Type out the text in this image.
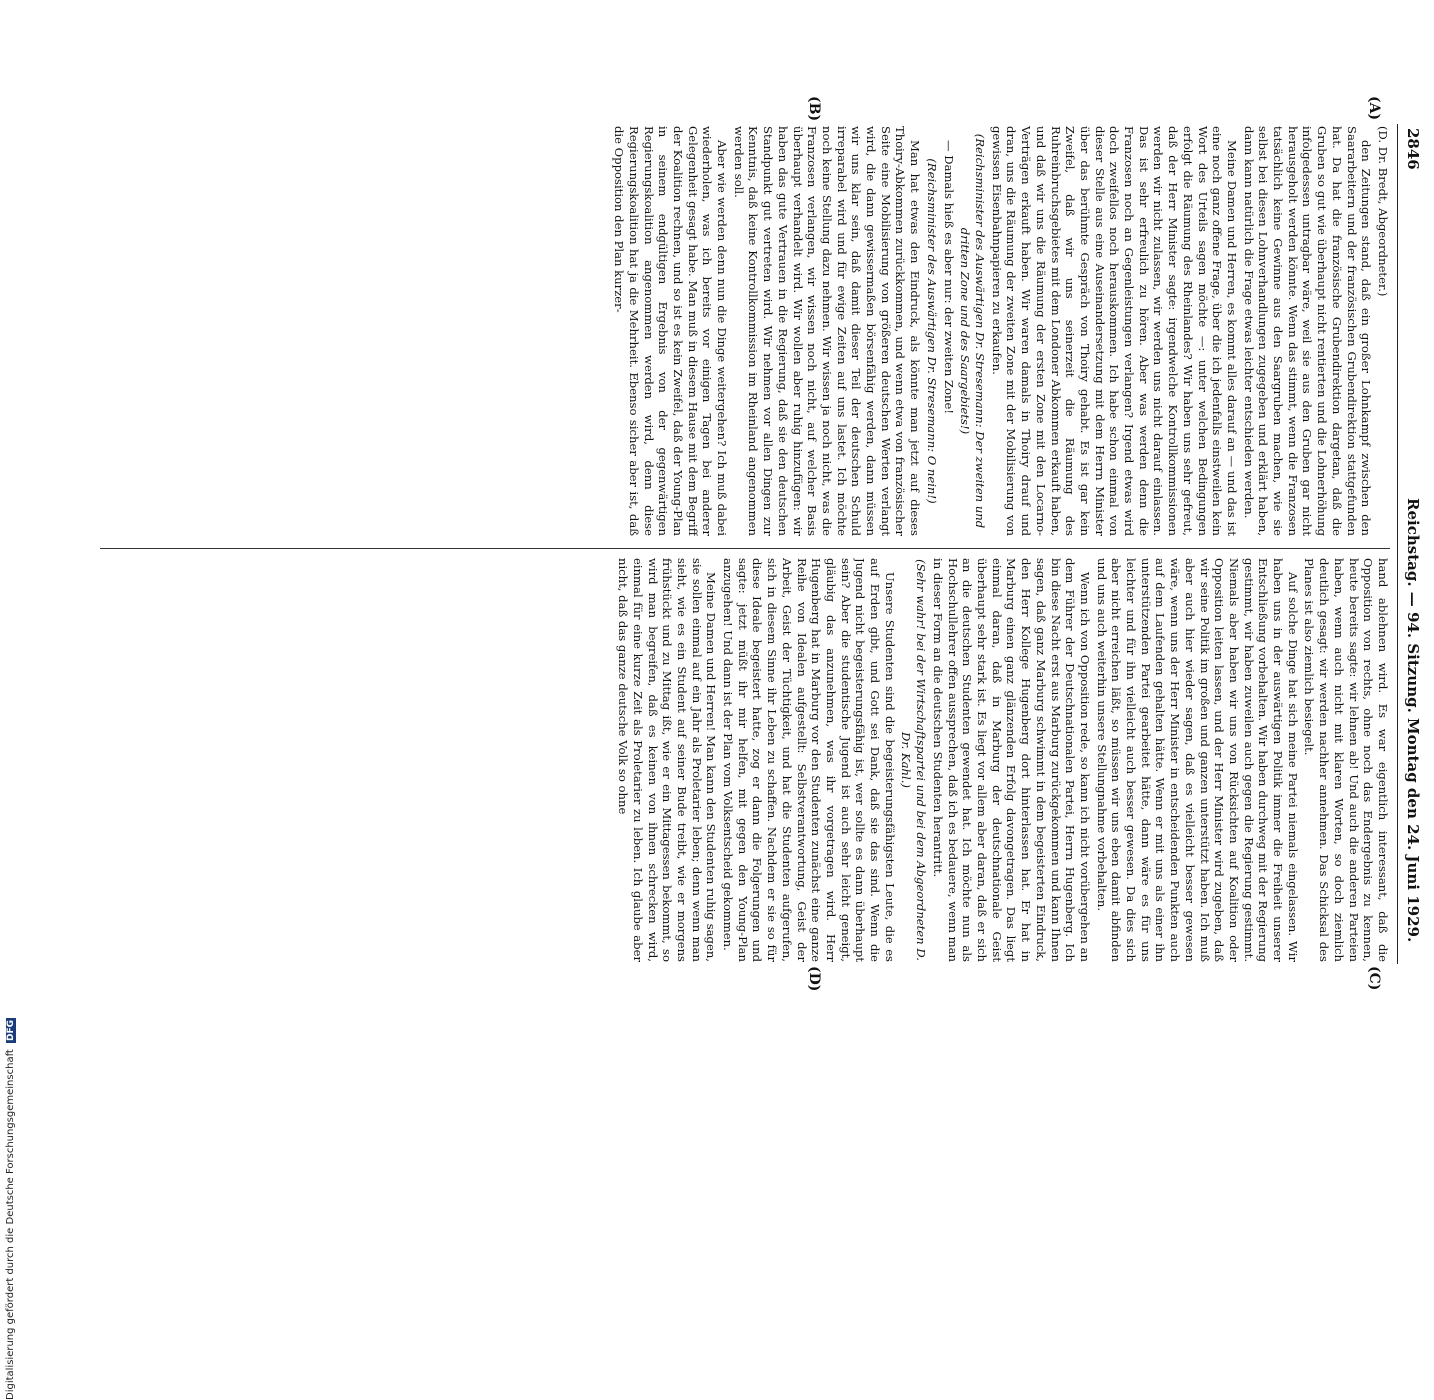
2846
Reichstag. — 94. Sitzung. Montag den 24. Juni 1929.
(A)
(B)
(C)
(D)

(D. Dr. Bredt, Abgeordneter.)

den Zeitungen stand, daß ein großer Lohnkampf zwischen den Saararbeitern und der französischen Grubendirektion stattgefunden hat. Da hat die französische Grubendirektion dargetan, daß die Gruben so gut wie überhaupt nicht rentierten und die Lohnerhöhung infolgedessen untragbar wäre, weil sie aus den Gruben gar nicht herausgeholt werden könnte. Wenn das stimmt, wenn die Franzosen tatsächlich keine Gewinne aus den Saargruben machen, wie sie selbst bei diesen Lohnverhandlungen zugegeben und erklärt haben, dann kann natürlich die Frage etwas leichter entschieden werden.

Meine Damen und Herren, es kommt alles darauf an — und das ist eine noch ganz offene Frage, über die ich jedenfalls einstweilen kein Wort des Urteils sagen möchte —: unter welchen Bedingungen erfolgt die Räumung des Rheinlandes? Wir haben uns sehr gefreut, daß der Herr Minister sagte: irgendwelche Kontrollkommissionen werden wir nicht zulassen, wir werden uns nicht darauf einlassen. Das ist sehr erfreulich zu hören. Aber was werden denn die Franzosen noch an Gegenleistungen verlangen? Irgend etwas wird doch zweifellos noch herauskommen. Ich habe schon einmal von dieser Stelle aus eine Auseinandersetzung mit dem Herrn Minister über das berühmte Gespräch von Thoiry gehabt. Es ist gar kein Zweifel, daß wir uns seinerzeit die Räumung des Ruhreinbruchsgebietes mit dem Londoner Abkommen erkauft haben, und daß wir uns die Räumung der ersten Zone mit den Locarno-Verträgen erkauft haben. Wir waren damals in Thoiry drauf und dran, uns die Räumung der zweiten Zone mit der Mobilisierung von gewissen Eisenbahnpapieren zu erkaufen.

(Reichsminister des Auswärtigen Dr. Stresemann: Der zweiten und dritten Zone und des Saargebiets!)

— Damals hieß es aber nur: der zweiten Zone!

(Reichsminister des Auswärtigen Dr. Stresemann: O nein!)

Man hat etwas den Eindruck, als könnte man jetzt auf dieses Thoiry-Abkommen zurückkommen, und wenn etwa von französischer Seite eine Mobilisierung von größeren deutschen Werten verlangt wird, die dann gewissermaßen börsenfähig werden, dann müssen wir uns klar sein, daß damit dieser Teil der deutschen Schuld irreparabel wird und für ewige Zeiten auf uns lastet. Ich möchte noch keine Stellung dazu nehmen. Wir wissen ja noch nicht, was die Franzosen verlangen, wir wissen noch nicht, auf welcher Basis überhaupt verhandelt wird. Wir wollen aber ruhig hinzufügen: wir haben das gute Vertrauen in die Regierung, daß sie den deutschen Standpunkt gut vertreten wird. Wir nehmen vor allen Dingen zur Kenntnis, daß keine Kontrollkommission im Rheinland angenommen werden soll.

Aber wie werden denn nun die Dinge weitergehen? Ich muß dabei wiederholen, was ich bereits vor einigen Tagen bei anderer Gelegenheit gesagt habe. Man muß in diesem Hause mit dem Begriff der Koalition rechnen, und so ist es kein Zweifel, daß der Young-Plan in seinem endgültigen Ergebnis von der gegenwärtigen Regierungskoalition angenommen werden wird, denn diese Regierungskoalition hat ja die Mehrheit. Ebenso sicher aber ist, daß die Opposition den Plan kurzer-

hand ablehnen wird. Es war eigentlich interessant, daß die Opposition von rechts, ohne noch das Endergebnis zu kennen, heute bereits sagte: wir lehnen ab! Und auch die anderen Parteien haben, wenn auch nicht mit klaren Worten, so doch ziemlich deutlich gesagt: wir werden nachher annehmen. Das Schicksal des Planes ist also ziemlich besiegelt.

Auf solche Dinge hat sich meine Partei niemals eingelassen. Wir haben uns in der auswärtigen Politik immer die Freiheit unserer Entschließung vorbehalten. Wir haben durchweg mit der Regierung gestimmt, wir haben zuweilen auch gegen die Regierung gestimmt. Niemals aber haben wir uns von Rücksichten auf Koalition oder Opposition leiten lassen, und der Herr Minister wird zugeben, daß wir seine Politik im großen und ganzen unterstützt haben. Ich muß aber auch hier wieder sagen, daß es vielleicht besser gewesen wäre, wenn uns der Herr Minister in entscheidenden Punkten auch auf dem Laufenden gehalten hätte. Wenn er mit uns als einer ihn unterstützenden Partei gearbeitet hätte, dann wäre es für uns leichter und für ihn vielleicht auch besser gewesen. Da dies sich aber nicht erreichen läßt, so müssen wir uns eben damit abfinden und uns auch weiterhin unsere Stellungnahme vorbehalten.

Wenn ich von Opposition rede, so kann ich nicht vorübergehen an dem Führer der Deutschnationalen Partei, Herrn Hugenberg. Ich bin diese Nacht erst aus Marburg zurückgekommen und kann Ihnen sagen, daß ganz Marburg schwimmt in dem begeisterten Eindruck, den Herr Kollege Hugenberg dort hinterlassen hat. Er hat in Marburg einen ganz glänzenden Erfolg davongetragen. Das liegt einmal daran, daß in Marburg der deutschnationale Geist überhaupt sehr stark ist. Es liegt vor allem aber daran, daß er sich an die deutschen Studenten gewendet hat. Ich möchte nun als Hochschullehrer offen aussprechen, daß ich es bedauere, wenn man in dieser Form an die deutschen Studenten herantritt.

(Sehr wahr! bei der Wirtschaftspartei und bei dem Abgeordneten D. Dr. Kahl.)

Unsere Studenten sind die begeisterungsfähigsten Leute, die es auf Erden gibt, und Gott sei Dank, daß sie das sind. Wenn die Jugend nicht begeisterungsfähig ist, wer sollte es dann überhaupt sein? Aber die studentische Jugend ist auch sehr leicht geneigt, gläubig das anzunehmen, was ihr vorgetragen wird. Herr Hugenberg hat in Marburg vor den Studenten zunächst eine ganze Reihe von Idealen aufgestellt: Selbstverantwortung, Geist der Arbeit, Geist der Tüchtigkeit, und hat die Studenten aufgerufen, sich in diesem Sinne ihr Leben zu schaffen. Nachdem er sie so für diese Ideale begeistert hatte, zog er dann die Folgerungen und sagte: jetzt müßt ihr mir helfen, mit gegen den Young-Plan anzugehen! Und dann ist der Plan vom Volksentscheid gekommen.

Meine Damen und Herren! Man kann den Studenten ruhig sagen, sie sollen einmal auf ein Jahr als Proletarier leben; denn wenn man sieht, wie es ein Student auf seiner Bude treibt, wie er morgens frühstückt und zu Mittag ißt, wie er ein Mittagessen bekommt, so wird man begreifen, daß es keinen von ihnen schrecken wird, einmal für eine kurze Zeit als Proletarier zu leben. Ich glaube aber nicht, daß das ganze deutsche Volk so ohne

Digitalisierung gefördert durch die Deutsche Forschungsgemeinschaft DFG
